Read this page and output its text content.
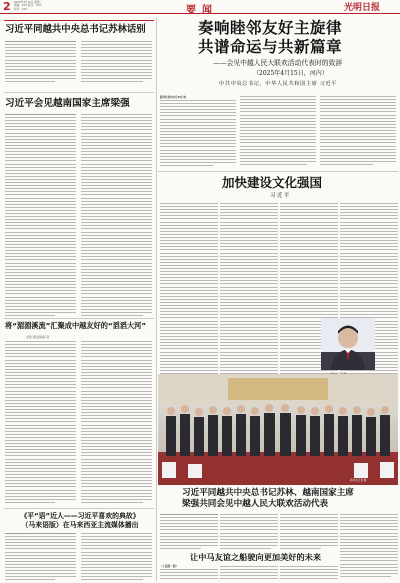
2 2025年4月15日 星期二
责编：XXX 版式：XXX
校对：XXX	要闻	光明日报
习近平同越共中央总书记苏林话别
习近平会见越南国家主席梁强
将“湄湄溪流”汇聚成中越友好的“滔滔大河”
光明日报驻越南记者
《平“语”近人——习近平喜欢的典故》
（马来语版）在马来西亚主流媒体播出
奏响睦邻友好主旋律
共谱命运与共新篇章
——会见中越人民大联欢活动代表时的致辞
（2025年4月15日，河内）
中共中央总书记、中华人民共和国主席 习近平
新华社河内4月15日电
加快建设文化强国
习近平
新华社记者 摄
习近平同越共中央总书记苏林、越南国家主席
梁强共同会见中越人民大联欢活动代表
让中马友谊之船驶向更加美好的未来
（上接第一版）
